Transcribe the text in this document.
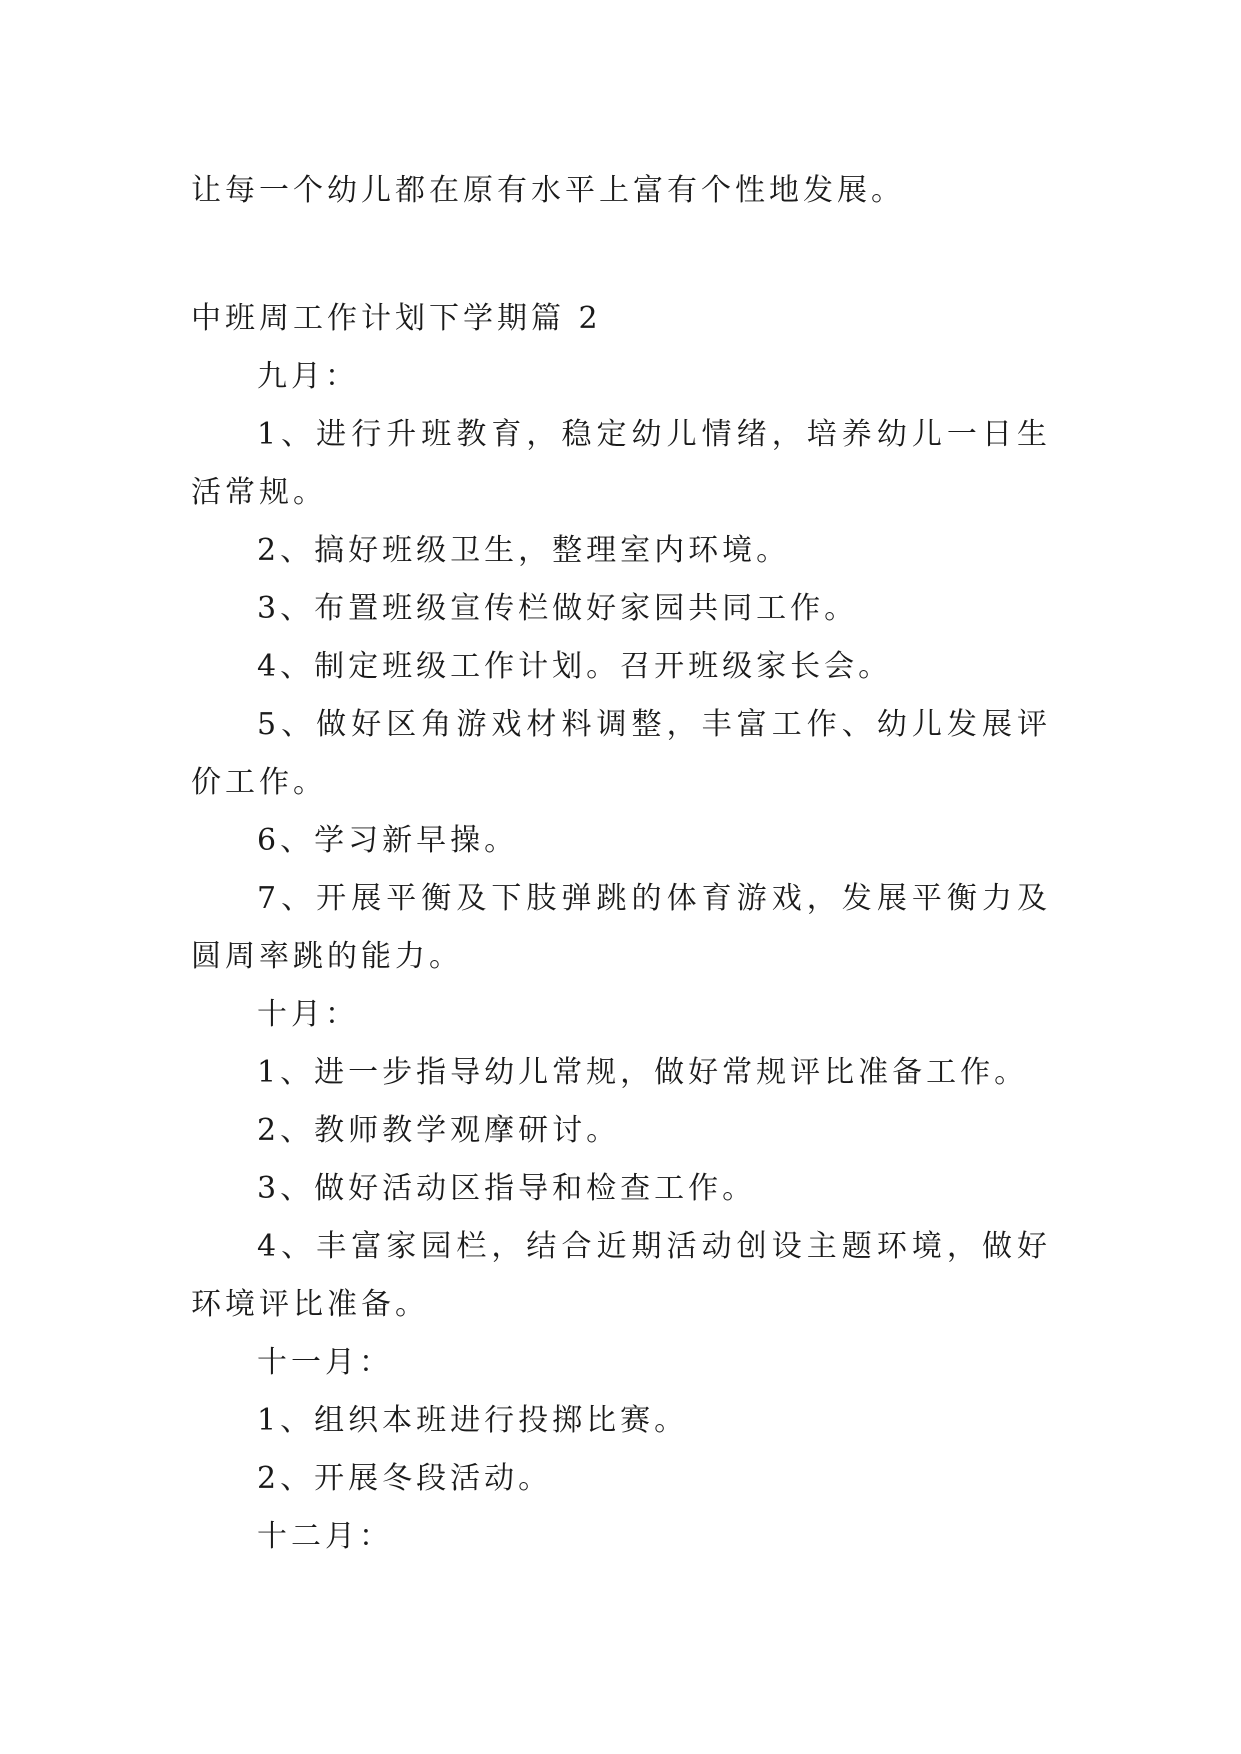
让每一个幼儿都在原有水平上富有个性地发展。
中班周工作计划下学期篇 2
九月：

1、进行升班教育，稳定幼儿情绪，培养幼儿一日生活常规。

2、搞好班级卫生，整理室内环境。

3、布置班级宣传栏做好家园共同工作。

4、制定班级工作计划。召开班级家长会。

5、做好区角游戏材料调整，丰富工作、幼儿发展评价工作。

6、学习新早操。

7、开展平衡及下肢弹跳的体育游戏，发展平衡力及圆周率跳的能力。

十月：

1、进一步指导幼儿常规，做好常规评比准备工作。

2、教师教学观摩研讨。

3、做好活动区指导和检查工作。

4、丰富家园栏，结合近期活动创设主题环境，做好环境评比准备。

十一月：

1、组织本班进行投掷比赛。

2、开展冬段活动。

十二月：
